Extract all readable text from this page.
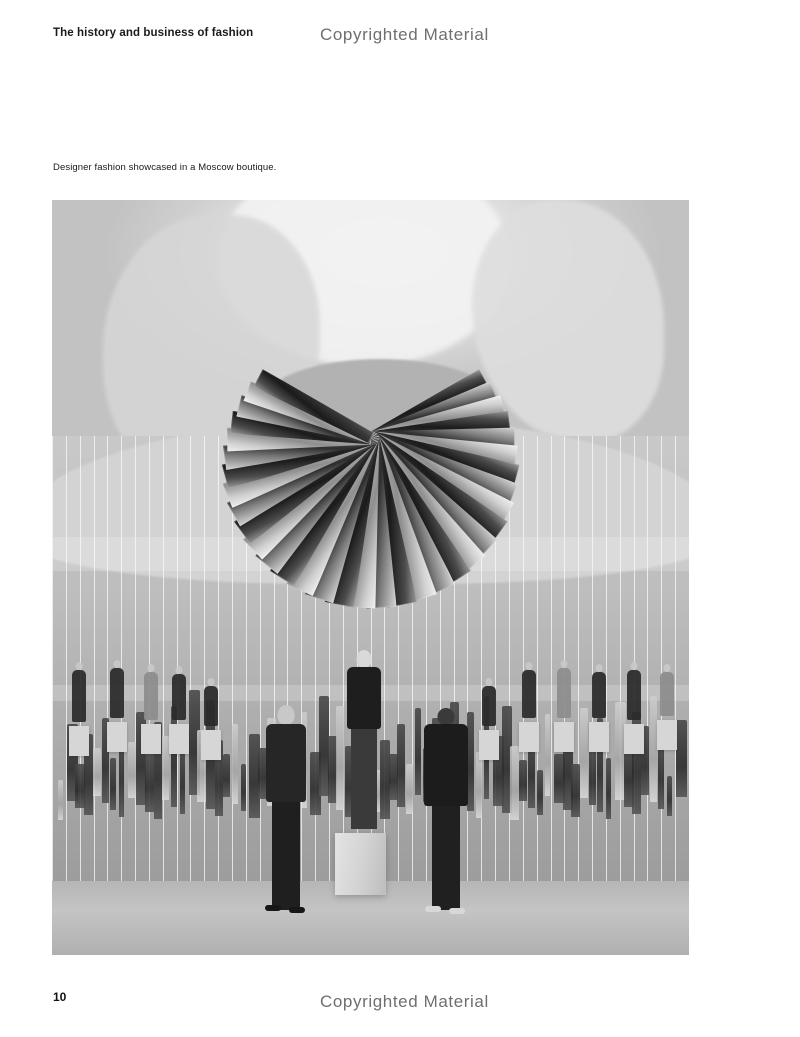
The history and business of fashion	Copyrighted Material
Designer fashion showcased in a Moscow boutique.
10	Copyrighted Material
